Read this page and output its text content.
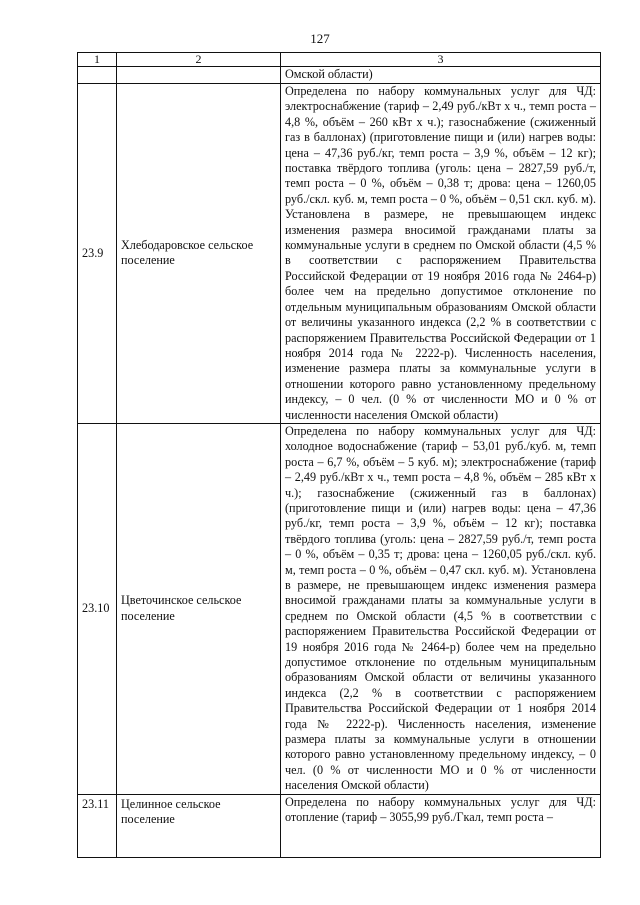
127
1	2	3
		Омской области)
23.9	Хлебодаровское сельское поселение	Определена по набору коммунальных услуг для ЧД: электроснабжение (тариф – 2,49 руб./кВт х ч., темп роста – 4,8 %, объём – 260 кВт х ч.); газоснабжение (сжиженный газ в баллонах) (приготовление пищи и (или) нагрев воды: цена – 47,36 руб./кг, темп роста – 3,9 %, объём – 12 кг); поставка твёрдого топлива (уголь: цена – 2827,59 руб./т, темп роста – 0 %, объём – 0,38 т; дрова: цена – 1260,05 руб./скл. куб. м, темп роста – 0 %, объём – 0,51 скл. куб. м). Установлена в размере, не превышающем индекс изменения размера вносимой гражданами платы за коммунальные услуги в среднем по Омской области (4,5 % в соответствии с распоряжением Правительства Российской Федерации от 19 ноября 2016 года № 2464-р) более чем на предельно допустимое отклонение по отдельным муниципальным образованиям Омской области от величины указанного индекса (2,2 % в соответствии с распоряжением Правительства Российской Федерации от 1 ноября 2014 года № 2222-р). Численность населения, изменение размера платы за коммунальные услуги в отношении которого равно установленному предельному индексу, – 0 чел. (0 % от численности МО и 0 % от численности населения Омской области)
23.10	Цветочинское сельское поселение	Определена по набору коммунальных услуг для ЧД: холодное водоснабжение (тариф – 53,01 руб./куб. м, темп роста – 6,7 %, объём – 5 куб. м); электроснабжение (тариф – 2,49 руб./кВт х ч., темп роста – 4,8 %, объём – 285 кВт х ч.); газоснабжение (сжиженный газ в баллонах) (приготовление пищи и (или) нагрев воды: цена – 47,36 руб./кг, темп роста – 3,9 %, объём – 12 кг); поставка твёрдого топлива (уголь: цена – 2827,59 руб./т, темп роста – 0 %, объём – 0,35 т; дрова: цена – 1260,05 руб./скл. куб. м, темп роста – 0 %, объём – 0,47 скл. куб. м). Установлена в размере, не превышающем индекс изменения размера вносимой гражданами платы за коммунальные услуги в среднем по Омской области (4,5 % в соответствии с распоряжением Правительства Российской Федерации от 19 ноября 2016 года № 2464-р) более чем на предельно допустимое отклонение по отдельным муниципальным образованиям Омской области от величины указанного индекса (2,2 % в соответствии с распоряжением Правительства Российской Федерации от 1 ноября 2014 года № 2222-р). Численность населения, изменение размера платы за коммунальные услуги в отношении которого равно установленному предельному индексу, – 0 чел. (0 % от численности МО и 0 % от численности населения Омской области)
23.11	Целинное сельское поселение	Определена по набору коммунальных услуг для ЧД: отопление (тариф – 3055,99 руб./Гкал, темп роста –
